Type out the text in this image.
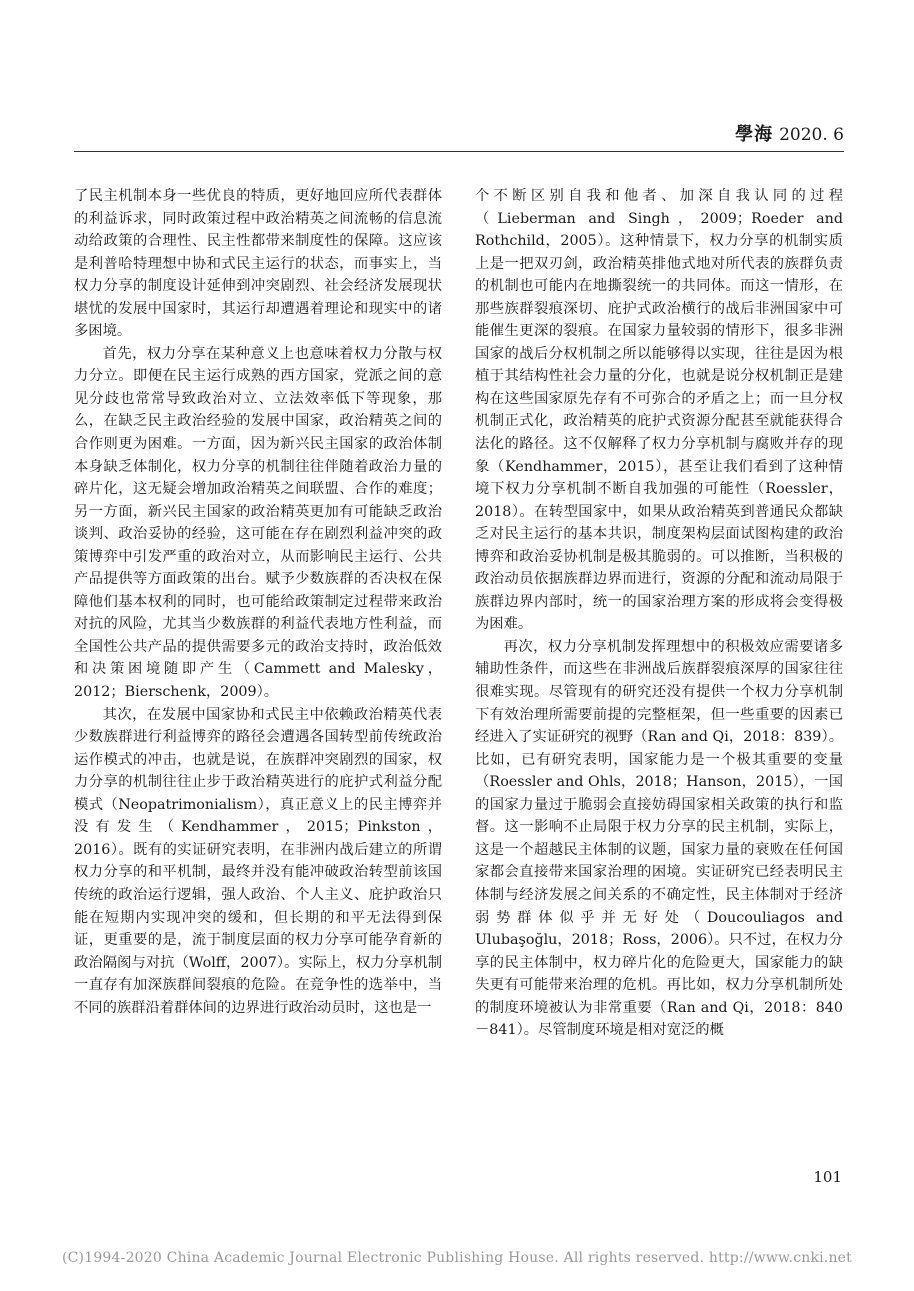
學海 2020. 6

了民主机制本身一些优良的特质，更好地回应所代表群体的利益诉求，同时政策过程中政治精英之间流畅的信息流动给政策的合理性、民主性都带来制度性的保障。这应该是利普哈特理想中协和式民主运行的状态，而事实上，当权力分享的制度设计延伸到冲突剧烈、社会经济发展现状堪忧的发展中国家时，其运行却遭遇着理论和现实中的诸多困境。

首先，权力分享在某种意义上也意味着权力分散与权力分立。即便在民主运行成熟的西方国家，党派之间的意见分歧也常常导致政治对立、立法效率低下等现象，那么，在缺乏民主政治经验的发展中国家，政治精英之间的合作则更为困难。一方面，因为新兴民主国家的政治体制本身缺乏体制化，权力分享的机制往往伴随着政治力量的碎片化，这无疑会增加政治精英之间联盟、合作的难度；另一方面，新兴民主国家的政治精英更加有可能缺乏政治谈判、政治妥协的经验，这可能在存在剧烈利益冲突的政策博弈中引发严重的政治对立，从而影响民主运行、公共产品提供等方面政策的出台。赋予少数族群的否决权在保障他们基本权利的同时，也可能给政策制定过程带来政治对抗的风险，尤其当少数族群的利益代表地方性利益，而全国性公共产品的提供需要多元的政治支持时，政治低效和决策困境随即产生（Cammett and Malesky，2012；Bierschenk，2009）。

其次，在发展中国家协和式民主中依赖政治精英代表少数族群进行利益博弈的路径会遭遇各国转型前传统政治运作模式的冲击，也就是说，在族群冲突剧烈的国家，权力分享的机制往往止步于政治精英进行的庇护式利益分配模式（Neopatrimonialism），真正意义上的民主博弈并没有发生（Kendhammer，2015；Pinkston，2016）。既有的实证研究表明，在非洲内战后建立的所谓权力分享的和平机制，最终并没有能冲破政治转型前该国传统的政治运行逻辑，强人政治、个人主义、庇护政治只能在短期内实现冲突的缓和，但长期的和平无法得到保证，更重要的是，流于制度层面的权力分享可能孕育新的政治隔阂与对抗（Wolff，2007）。实际上，权力分享机制一直存有加深族群间裂痕的危险。在竞争性的选举中，当不同的族群沿着群体间的边界进行政治动员时，这也是一

个不断区别自我和他者、加深自我认同的过程（Lieberman and Singh，2009；Roeder and Rothchild，2005）。这种情景下，权力分享的机制实质上是一把双刃剑，政治精英排他式地对所代表的族群负责的机制也可能内在地撕裂统一的共同体。而这一情形，在那些族群裂痕深切、庇护式政治横行的战后非洲国家中可能催生更深的裂痕。在国家力量较弱的情形下，很多非洲国家的战后分权机制之所以能够得以实现，往往是因为根植于其结构性社会力量的分化，也就是说分权机制正是建构在这些国家原先存有不可弥合的矛盾之上；而一旦分权机制正式化，政治精英的庇护式资源分配甚至就能获得合法化的路径。这不仅解释了权力分享机制与腐败并存的现象（Kendhammer，2015），甚至让我们看到了这种情境下权力分享机制不断自我加强的可能性（Roessler，2018）。在转型国家中，如果从政治精英到普通民众都缺乏对民主运行的基本共识，制度架构层面试图构建的政治博弈和政治妥协机制是极其脆弱的。可以推断，当积极的政治动员依据族群边界而进行，资源的分配和流动局限于族群边界内部时，统一的国家治理方案的形成将会变得极为困难。

再次，权力分享机制发挥理想中的积极效应需要诸多辅助性条件，而这些在非洲战后族群裂痕深厚的国家往往很难实现。尽管现有的研究还没有提供一个权力分享机制下有效治理所需要前提的完整框架，但一些重要的因素已经进入了实证研究的视野（Ran and Qi，2018：839）。比如，已有研究表明，国家能力是一个极其重要的变量（Roessler and Ohls，2018；Hanson，2015），一国的国家力量过于脆弱会直接妨碍国家相关政策的执行和监督。这一影响不止局限于权力分享的民主机制，实际上，这是一个超越民主体制的议题，国家力量的衰败在任何国家都会直接带来国家治理的困境。实证研究已经表明民主体制与经济发展之间关系的不确定性，民主体制对于经济弱势群体似乎并无好处（Doucouliagos and Ulubaşoğlu，2018；Ross，2006）。只不过，在权力分享的民主体制中，权力碎片化的危险更大，国家能力的缺失更有可能带来治理的危机。再比如，权力分享机制所处的制度环境被认为非常重要（Ran and Qi，2018：840－841）。尽管制度环境是相对宽泛的概

101
(C)1994-2020 China Academic Journal Electronic Publishing House. All rights reserved. http://www.cnki.net
